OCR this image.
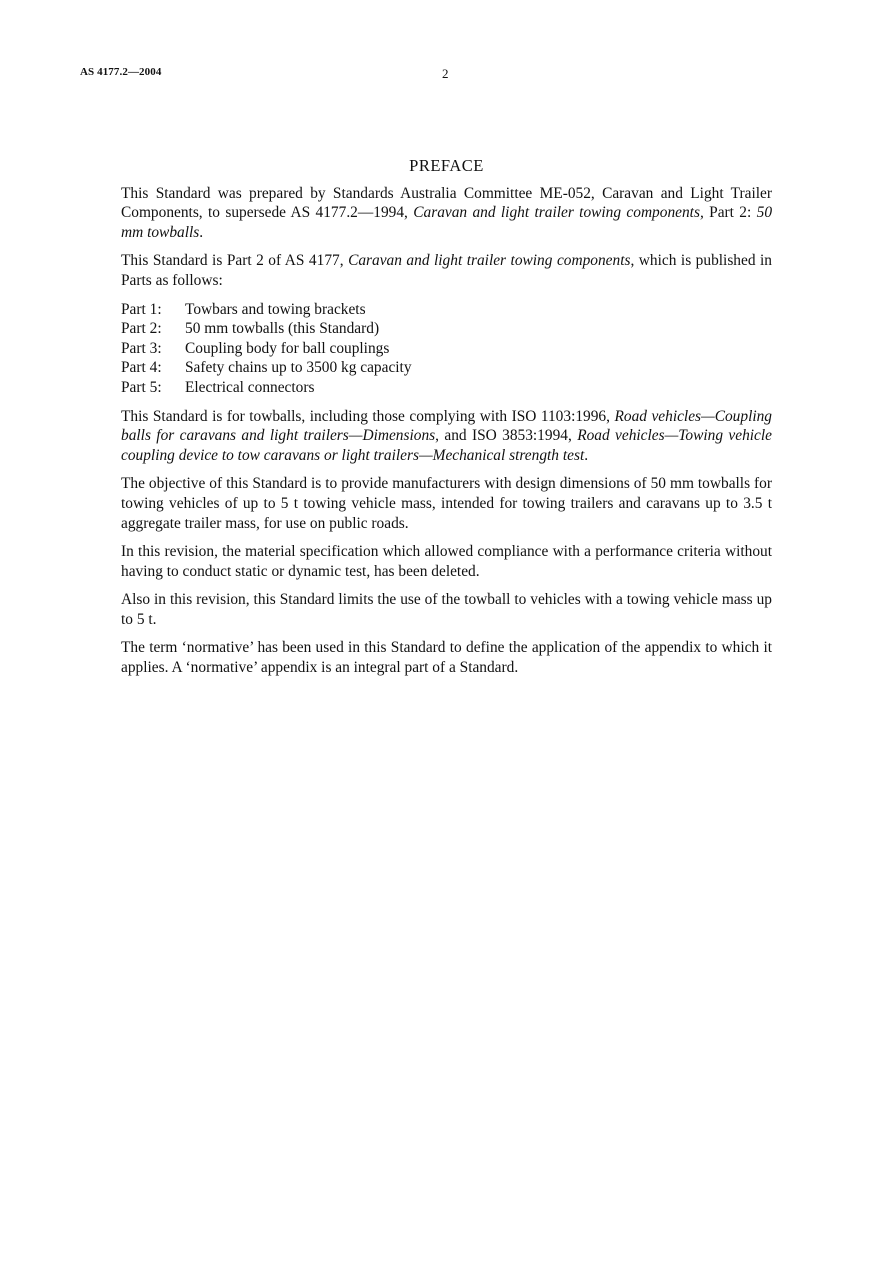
AS 4177.2—2004	2
PREFACE

This Standard was prepared by Standards Australia Committee ME-052, Caravan and Light Trailer Components, to supersede AS 4177.2—1994, Caravan and light trailer towing components, Part 2: 50 mm towballs.

This Standard is Part 2 of AS 4177, Caravan and light trailer towing components, which is published in Parts as follows:

Part 1:	Towbars and towing brackets
Part 2:	50 mm towballs (this Standard)
Part 3:	Coupling body for ball couplings
Part 4:	Safety chains up to 3500 kg capacity
Part 5:	Electrical connectors

This Standard is for towballs, including those complying with ISO 1103:1996, Road vehicles—Coupling balls for caravans and light trailers—Dimensions, and ISO 3853:1994, Road vehicles—Towing vehicle coupling device to tow caravans or light trailers—Mechanical strength test.

The objective of this Standard is to provide manufacturers with design dimensions of 50 mm towballs for towing vehicles of up to 5 t towing vehicle mass, intended for towing trailers and caravans up to 3.5 t aggregate trailer mass, for use on public roads.

In this revision, the material specification which allowed compliance with a performance criteria without having to conduct static or dynamic test, has been deleted.

Also in this revision, this Standard limits the use of the towball to vehicles with a towing vehicle mass up to 5 t.

The term ‘normative’ has been used in this Standard to define the application of the appendix to which it applies. A ‘normative’ appendix is an integral part of a Standard.
